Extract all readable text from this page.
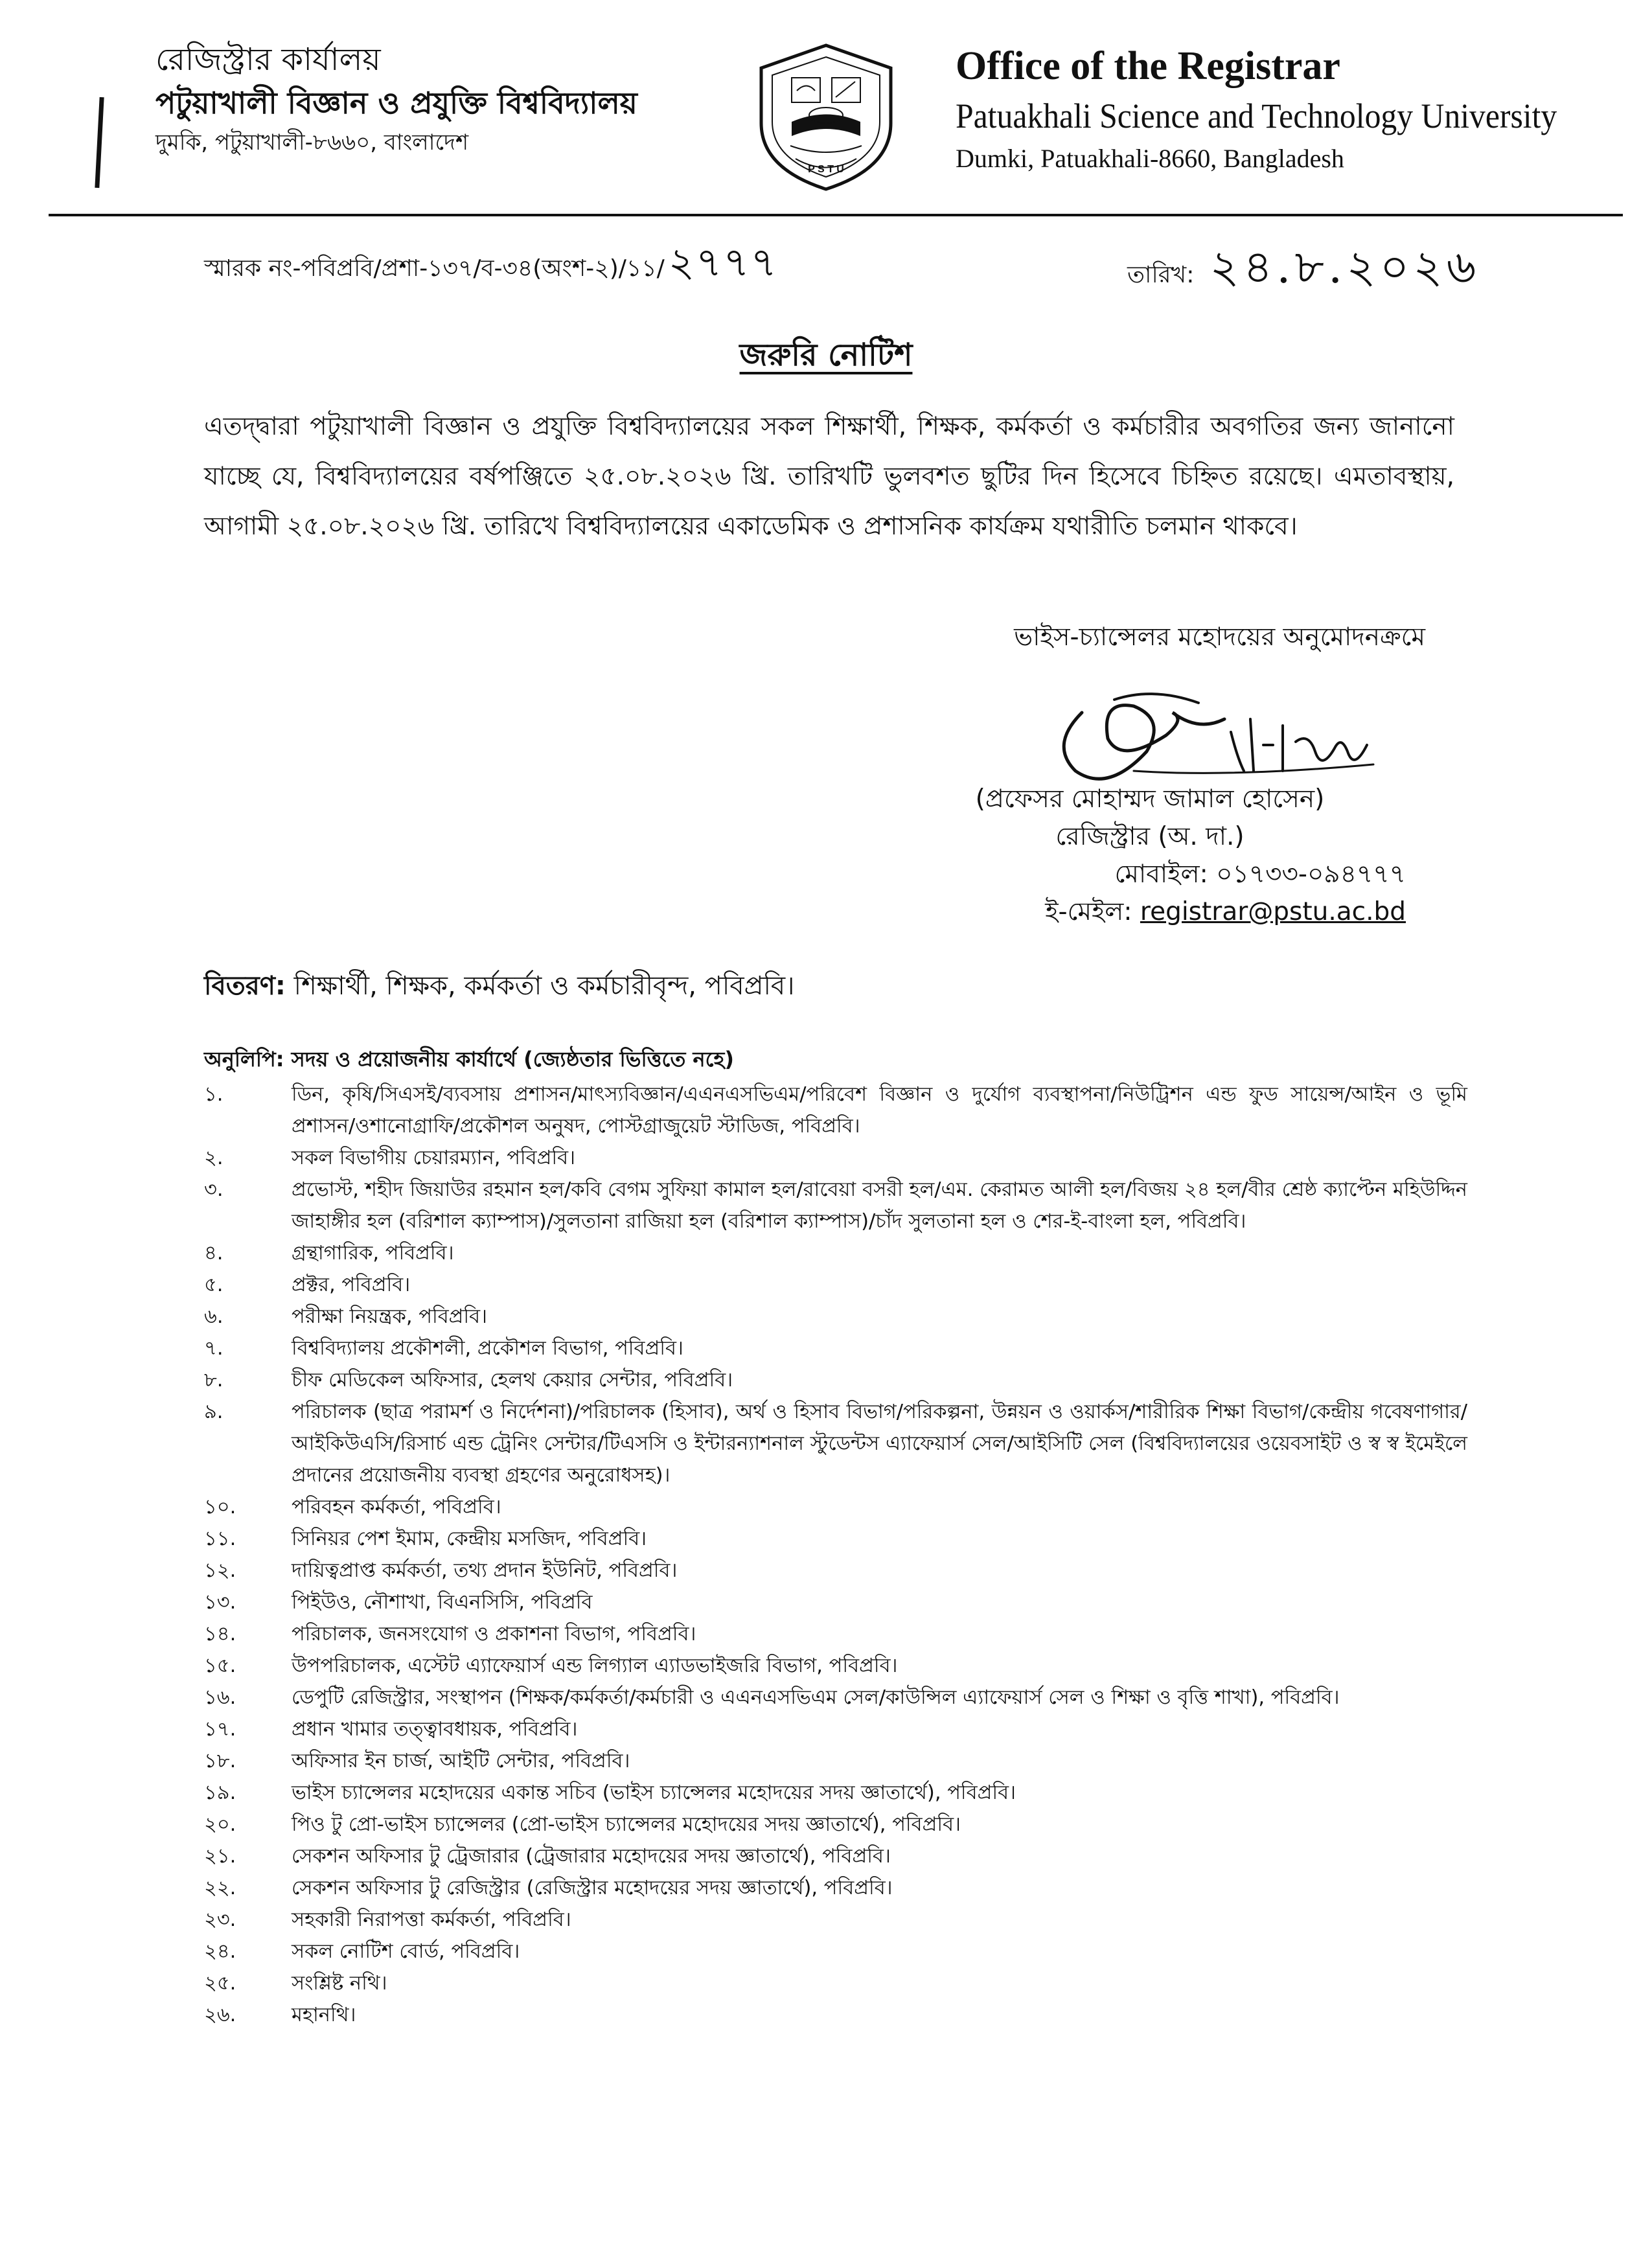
রেজিস্ট্রার কার্যালয়
পটুয়াখালী বিজ্ঞান ও প্রযুক্তি বিশ্ববিদ্যালয়
দুমকি, পটুয়াখালী-৮৬৬০, বাংলাদেশ
P S T U
Office of the Registrar
Patuakhali Science and Technology University
Dumki, Patuakhali-8660, Bangladesh
স্মারক নং-পবিপ্রবি/প্রশা-১৩৭/ব-৩৪(অংশ-২)/১১/২৭৭৭	তারিখ: ২৪.৮.২০২৬
জরুরি নোটিশ
এতদ্দ্বারা পটুয়াখালী বিজ্ঞান ও প্রযুক্তি বিশ্ববিদ্যালয়ের সকল শিক্ষার্থী, শিক্ষক, কর্মকর্তা ও কর্মচারীর অবগতির জন্য জানানো যাচ্ছে যে, বিশ্ববিদ্যালয়ের বর্ষপঞ্জিতে ২৫.০৮.২০২৬ খ্রি. তারিখটি ভুলবশত ছুটির দিন হিসেবে চিহ্নিত রয়েছে। এমতাবস্থায়, আগামী ২৫.০৮.২০২৬ খ্রি. তারিখে বিশ্ববিদ্যালয়ের একাডেমিক ও প্রশাসনিক কার্যক্রম যথারীতি চলমান থাকবে।
ভাইস-চ্যান্সেলর মহোদয়ের অনুমোদনক্রমে
(প্রফেসর মোহাম্মদ জামাল হোসেন)
রেজিস্ট্রার (অ. দা.)
মোবাইল: ০১৭৩৩-০৯৪৭৭৭
ই-মেইল: registrar@pstu.ac.bd
বিতরণ: শিক্ষার্থী, শিক্ষক, কর্মকর্তা ও কর্মচারীবৃন্দ, পবিপ্রবি।
অনুলিপি: সদয় ও প্রয়োজনীয় কার্যার্থে (জ্যেষ্ঠতার ভিত্তিতে নহে)
১.	ডিন, কৃষি/সিএসই/ব্যবসায় প্রশাসন/মাৎস্যবিজ্ঞান/এএনএসভিএম/পরিবেশ বিজ্ঞান ও দুর্যোগ ব্যবস্থাপনা/নিউট্রিশন এন্ড ফুড সায়েন্স/আইন ও ভূমি প্রশাসন/ওশানোগ্রাফি/প্রকৌশল অনুষদ, পোস্টগ্রাজুয়েট স্টাডিজ, পবিপ্রবি।
২.	সকল বিভাগীয় চেয়ারম্যান, পবিপ্রবি।
৩.	প্রভোস্ট, শহীদ জিয়াউর রহমান হল/কবি বেগম সুফিয়া কামাল হল/রাবেয়া বসরী হল/এম. কেরামত আলী হল/বিজয় ২৪ হল/বীর শ্রেষ্ঠ ক্যাপ্টেন মহিউদ্দিন জাহাঙ্গীর হল (বরিশাল ক্যাম্পাস)/সুলতানা রাজিয়া হল (বরিশাল ক্যাম্পাস)/চাঁদ সুলতানা হল ও শের-ই-বাংলা হল, পবিপ্রবি।
৪.	গ্রন্থাগারিক, পবিপ্রবি।
৫.	প্রক্টর, পবিপ্রবি।
৬.	পরীক্ষা নিয়ন্ত্রক, পবিপ্রবি।
৭.	বিশ্ববিদ্যালয় প্রকৌশলী, প্রকৌশল বিভাগ, পবিপ্রবি।
৮.	চীফ মেডিকেল অফিসার, হেলথ কেয়ার সেন্টার, পবিপ্রবি।
৯.	পরিচালক (ছাত্র পরামর্শ ও নির্দেশনা)/পরিচালক (হিসাব), অর্থ ও হিসাব বিভাগ/পরিকল্পনা, উন্নয়ন ও ওয়ার্কস/শারীরিক শিক্ষা বিভাগ/কেন্দ্রীয় গবেষণাগার/আইকিউএসি/রিসার্চ এন্ড ট্রেনিং সেন্টার/টিএসসি ও ইন্টারন্যাশনাল স্টুডেন্টস এ্যাফেয়ার্স সেল/আইসিটি সেল (বিশ্ববিদ্যালয়ের ওয়েবসাইট ও স্ব স্ব ইমেইলে প্রদানের প্রয়োজনীয় ব্যবস্থা গ্রহণের অনুরোধসহ)।
১০.	পরিবহন কর্মকর্তা, পবিপ্রবি।
১১.	সিনিয়র পেশ ইমাম, কেন্দ্রীয় মসজিদ, পবিপ্রবি।
১২.	দায়িত্বপ্রাপ্ত কর্মকর্তা, তথ্য প্রদান ইউনিট, পবিপ্রবি।
১৩.	পিইউও, নৌশাখা, বিএনসিসি, পবিপ্রবি
১৪.	পরিচালক, জনসংযোগ ও প্রকাশনা বিভাগ, পবিপ্রবি।
১৫.	উপপরিচালক, এস্টেট এ্যাফেয়ার্স এন্ড লিগ্যাল এ্যাডভাইজরি বিভাগ, পবিপ্রবি।
১৬.	ডেপুটি রেজিস্ট্রার, সংস্থাপন (শিক্ষক/কর্মকর্তা/কর্মচারী ও এএনএসভিএম সেল/কাউন্সিল এ্যাফেয়ার্স সেল ও শিক্ষা ও বৃত্তি শাখা), পবিপ্রবি।
১৭.	প্রধান খামার তত্ত্বাবধায়ক, পবিপ্রবি।
১৮.	অফিসার ইন চার্জ, আইটি সেন্টার, পবিপ্রবি।
১৯.	ভাইস চ্যান্সেলর মহোদয়ের একান্ত সচিব (ভাইস চ্যান্সেলর মহোদয়ের সদয় জ্ঞাতার্থে), পবিপ্রবি।
২০.	পিও টু প্রো-ভাইস চ্যান্সেলর (প্রো-ভাইস চ্যান্সেলর মহোদয়ের সদয় জ্ঞাতার্থে), পবিপ্রবি।
২১.	সেকশন অফিসার টু ট্রেজারার (ট্রেজারার মহোদয়ের সদয় জ্ঞাতার্থে), পবিপ্রবি।
২২.	সেকশন অফিসার টু রেজিস্ট্রার (রেজিস্ট্রার মহোদয়ের সদয় জ্ঞাতার্থে), পবিপ্রবি।
২৩.	সহকারী নিরাপত্তা কর্মকর্তা, পবিপ্রবি।
২৪.	সকল নোটিশ বোর্ড, পবিপ্রবি।
২৫.	সংশ্লিষ্ট নথি।
২৬.	মহানথি।
